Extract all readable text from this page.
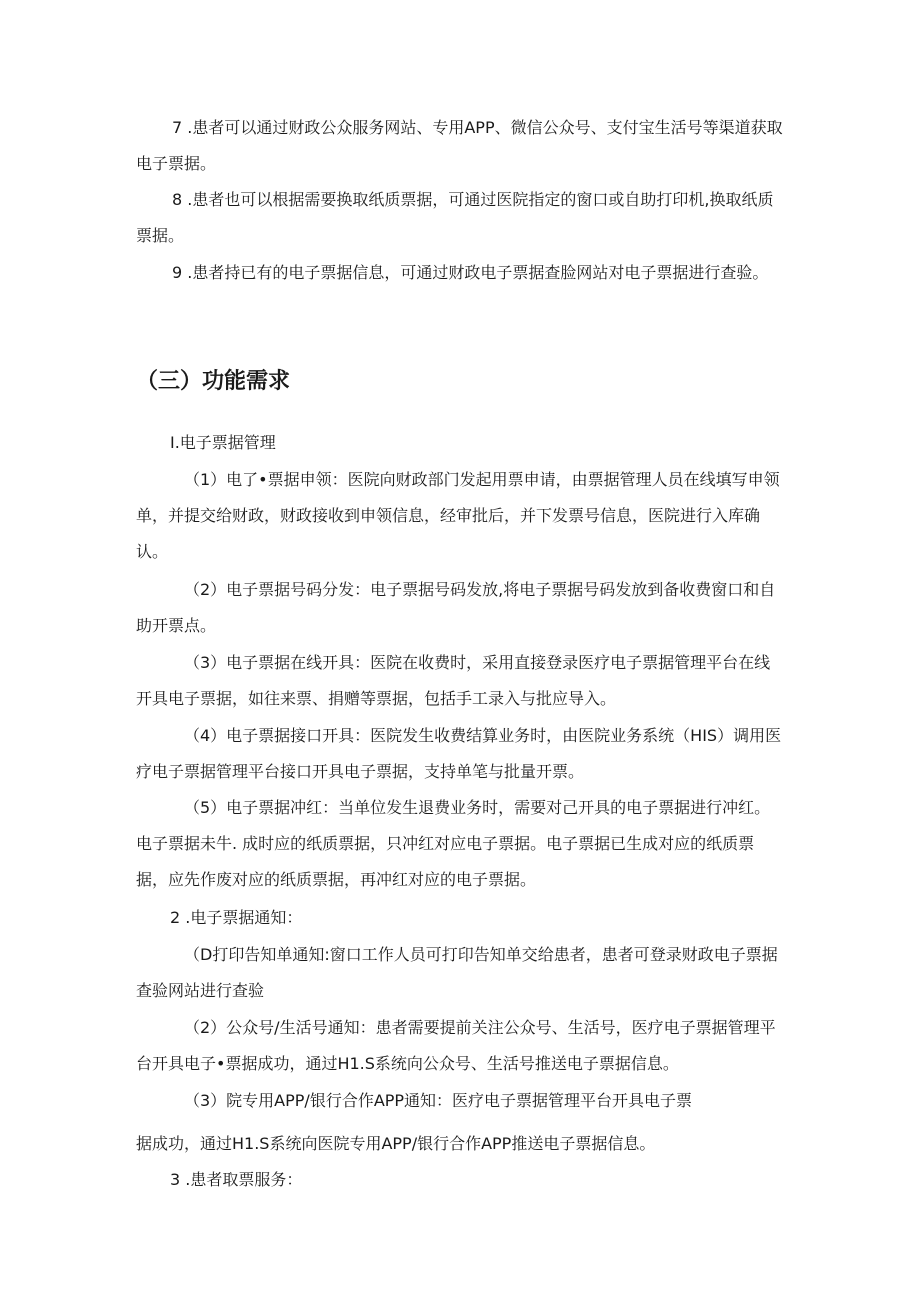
7 .患者可以通过财政公众服务网站、专用APP、微信公众号、支付宝生活号等渠道获取电子票据。

8 .患者也可以根据需要换取纸质票据，可通过医院指定的窗口或自助打印机,换取纸质票据。

9 .患者持已有的电子票据信息，可通过财政电子票据查脸网站对电子票据进行查验。

（三）功能需求

I.电子票据管理

（1）电了•票据申领：医院向财政部门发起用票申请，由票据管理人员在线填写申领单，并提交给财政，财政接收到申领信息，经审批后，并下发票号信息，医院进行入库确认。

（2）电子票据号码分发：电子票据号码发放,将电子票据号码发放到备收费窗口和自助开票点。

（3）电子票据在线开具：医院在收费时，采用直接登录医疗电子票据管理平台在线开具电子票据，如往来票、捐赠等票据，包括手工录入与批应导入。

（4）电子票据接口开具：医院发生收费结算业务时，由医院业务系统（HIS）调用医疗电子票据管理平台接口开具电子票据，支持单笔与批量开票。

（5）电子票据冲红：当单位发生退费业务时，需要对己开具的电子票据进行冲红。电子票据未牛. 成时应的纸质票据，只冲红对应电子票据。电子票据已生成对应的纸质票据，应先作废对应的纸质票据，再冲红对应的电子票据。

2 .电子票据通知：

（D打印告知单通知:窗口工作人员可打印告知单交给患者，患者可登录财政电子票据查验网站进行查验

（2）公众号/生活号通知：患者需要提前关注公众号、生活号，医疗电子票据管理平台开具电子•票据成功，通过H1.S系统向公众号、生活号推送电子票据信息。

（3）院专用APP/银行合作APP通知：医疗电子票据管理平台开具电子票

据成功，通过H1.S系统向医院专用APP/银行合作APP推送电子票据信息。

3 .患者取票服务：
